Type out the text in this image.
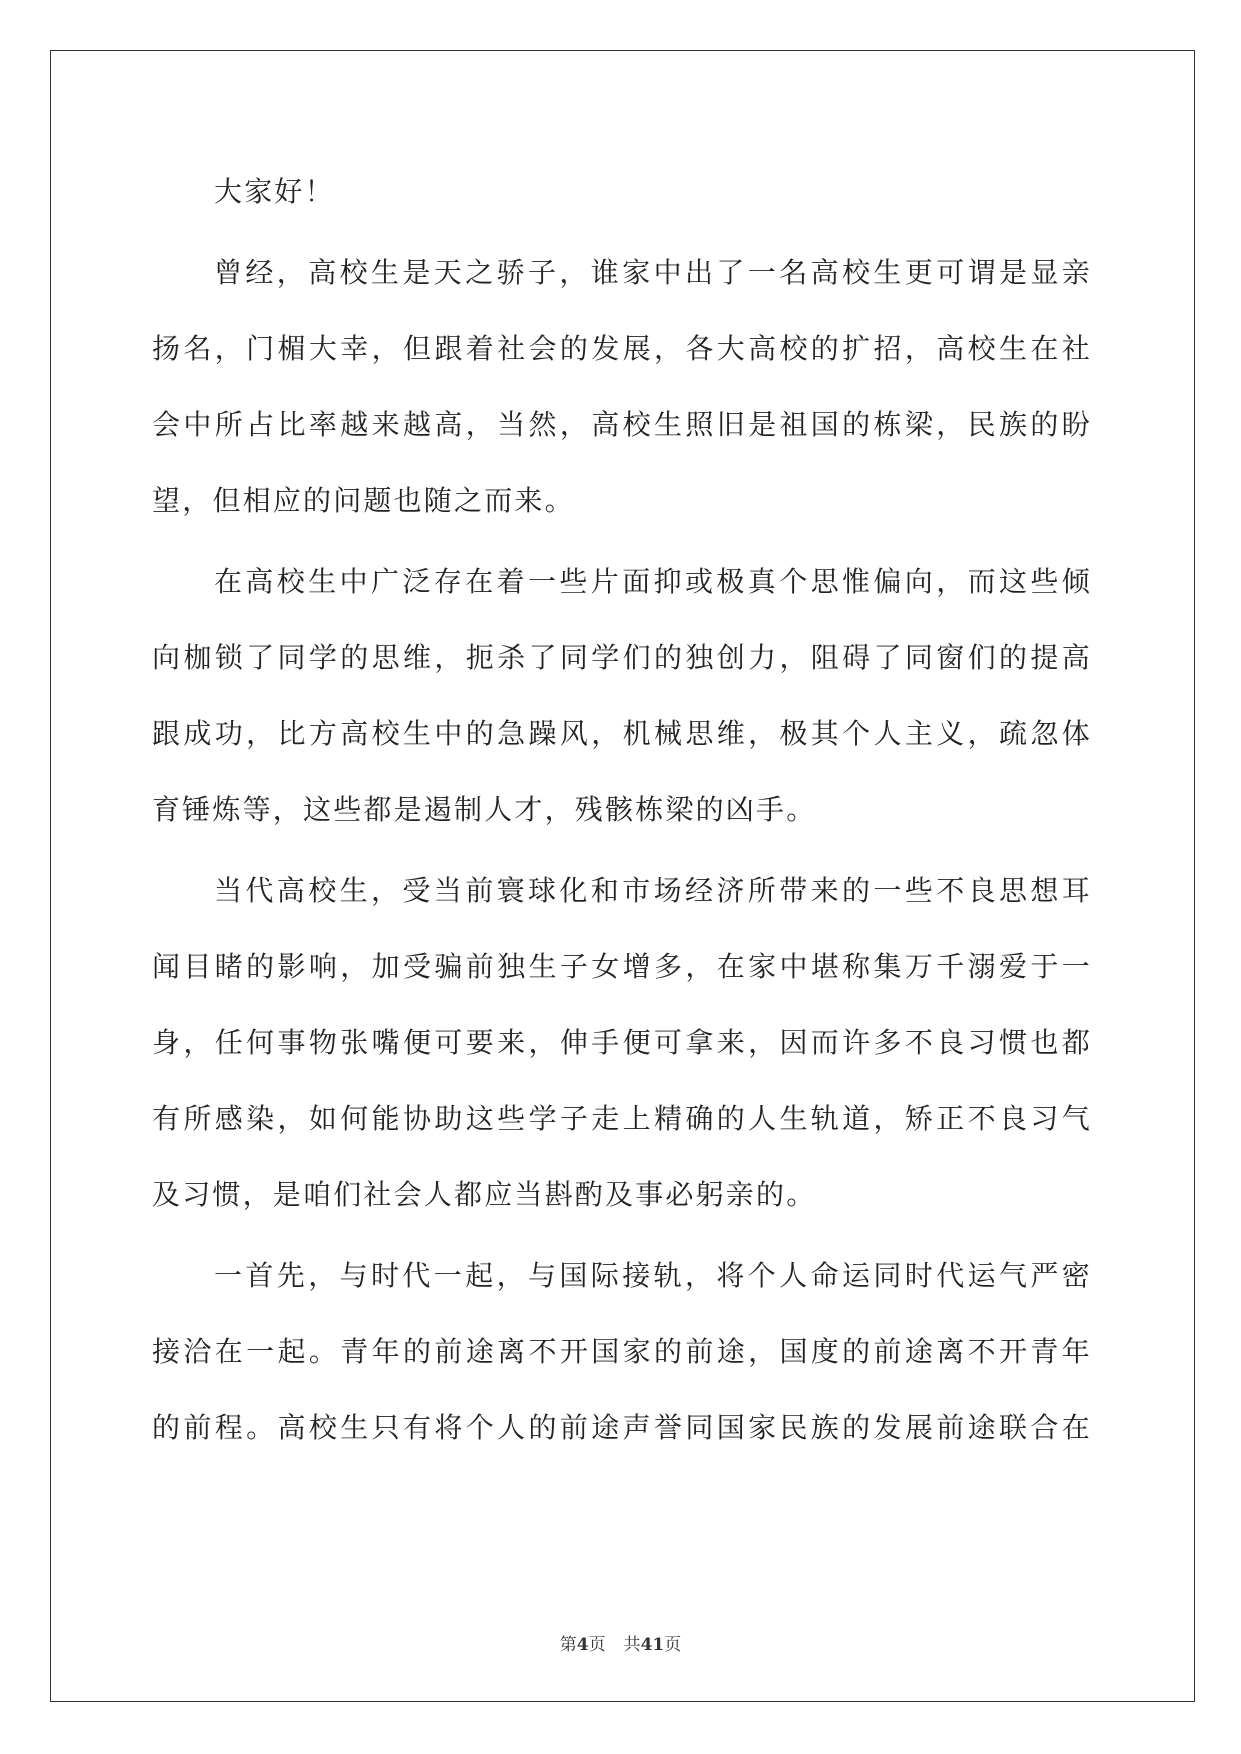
大家好！
曾经，高校生是天之骄子，谁家中出了一名高校生更可谓是显亲
扬名，门楣大幸，但跟着社会的发展，各大高校的扩招，高校生在社
会中所占比率越来越高，当然，高校生照旧是祖国的栋梁，民族的盼
望，但相应的问题也随之而来。
在高校生中广泛存在着一些片面抑或极真个思惟偏向，而这些倾
向枷锁了同学的思维，扼杀了同学们的独创力，阻碍了同窗们的提高
跟成功，比方高校生中的急躁风，机械思维，极其个人主义，疏忽体
育锤炼等，这些都是遏制人才，残骸栋梁的凶手。
当代高校生，受当前寰球化和市场经济所带来的一些不良思想耳
闻目睹的影响，加受骗前独生子女增多，在家中堪称集万千溺爱于一
身，任何事物张嘴便可要来，伸手便可拿来，因而许多不良习惯也都
有所感染，如何能协助这些学子走上精确的人生轨道，矫正不良习气
及习惯，是咱们社会人都应当斟酌及事必躬亲的。
一首先，与时代一起，与国际接轨，将个人命运同时代运气严密
接洽在一起。青年的前途离不开国家的前途，国度的前途离不开青年
的前程。高校生只有将个人的前途声誉同国家民族的发展前途联合在
第4页 共41页
